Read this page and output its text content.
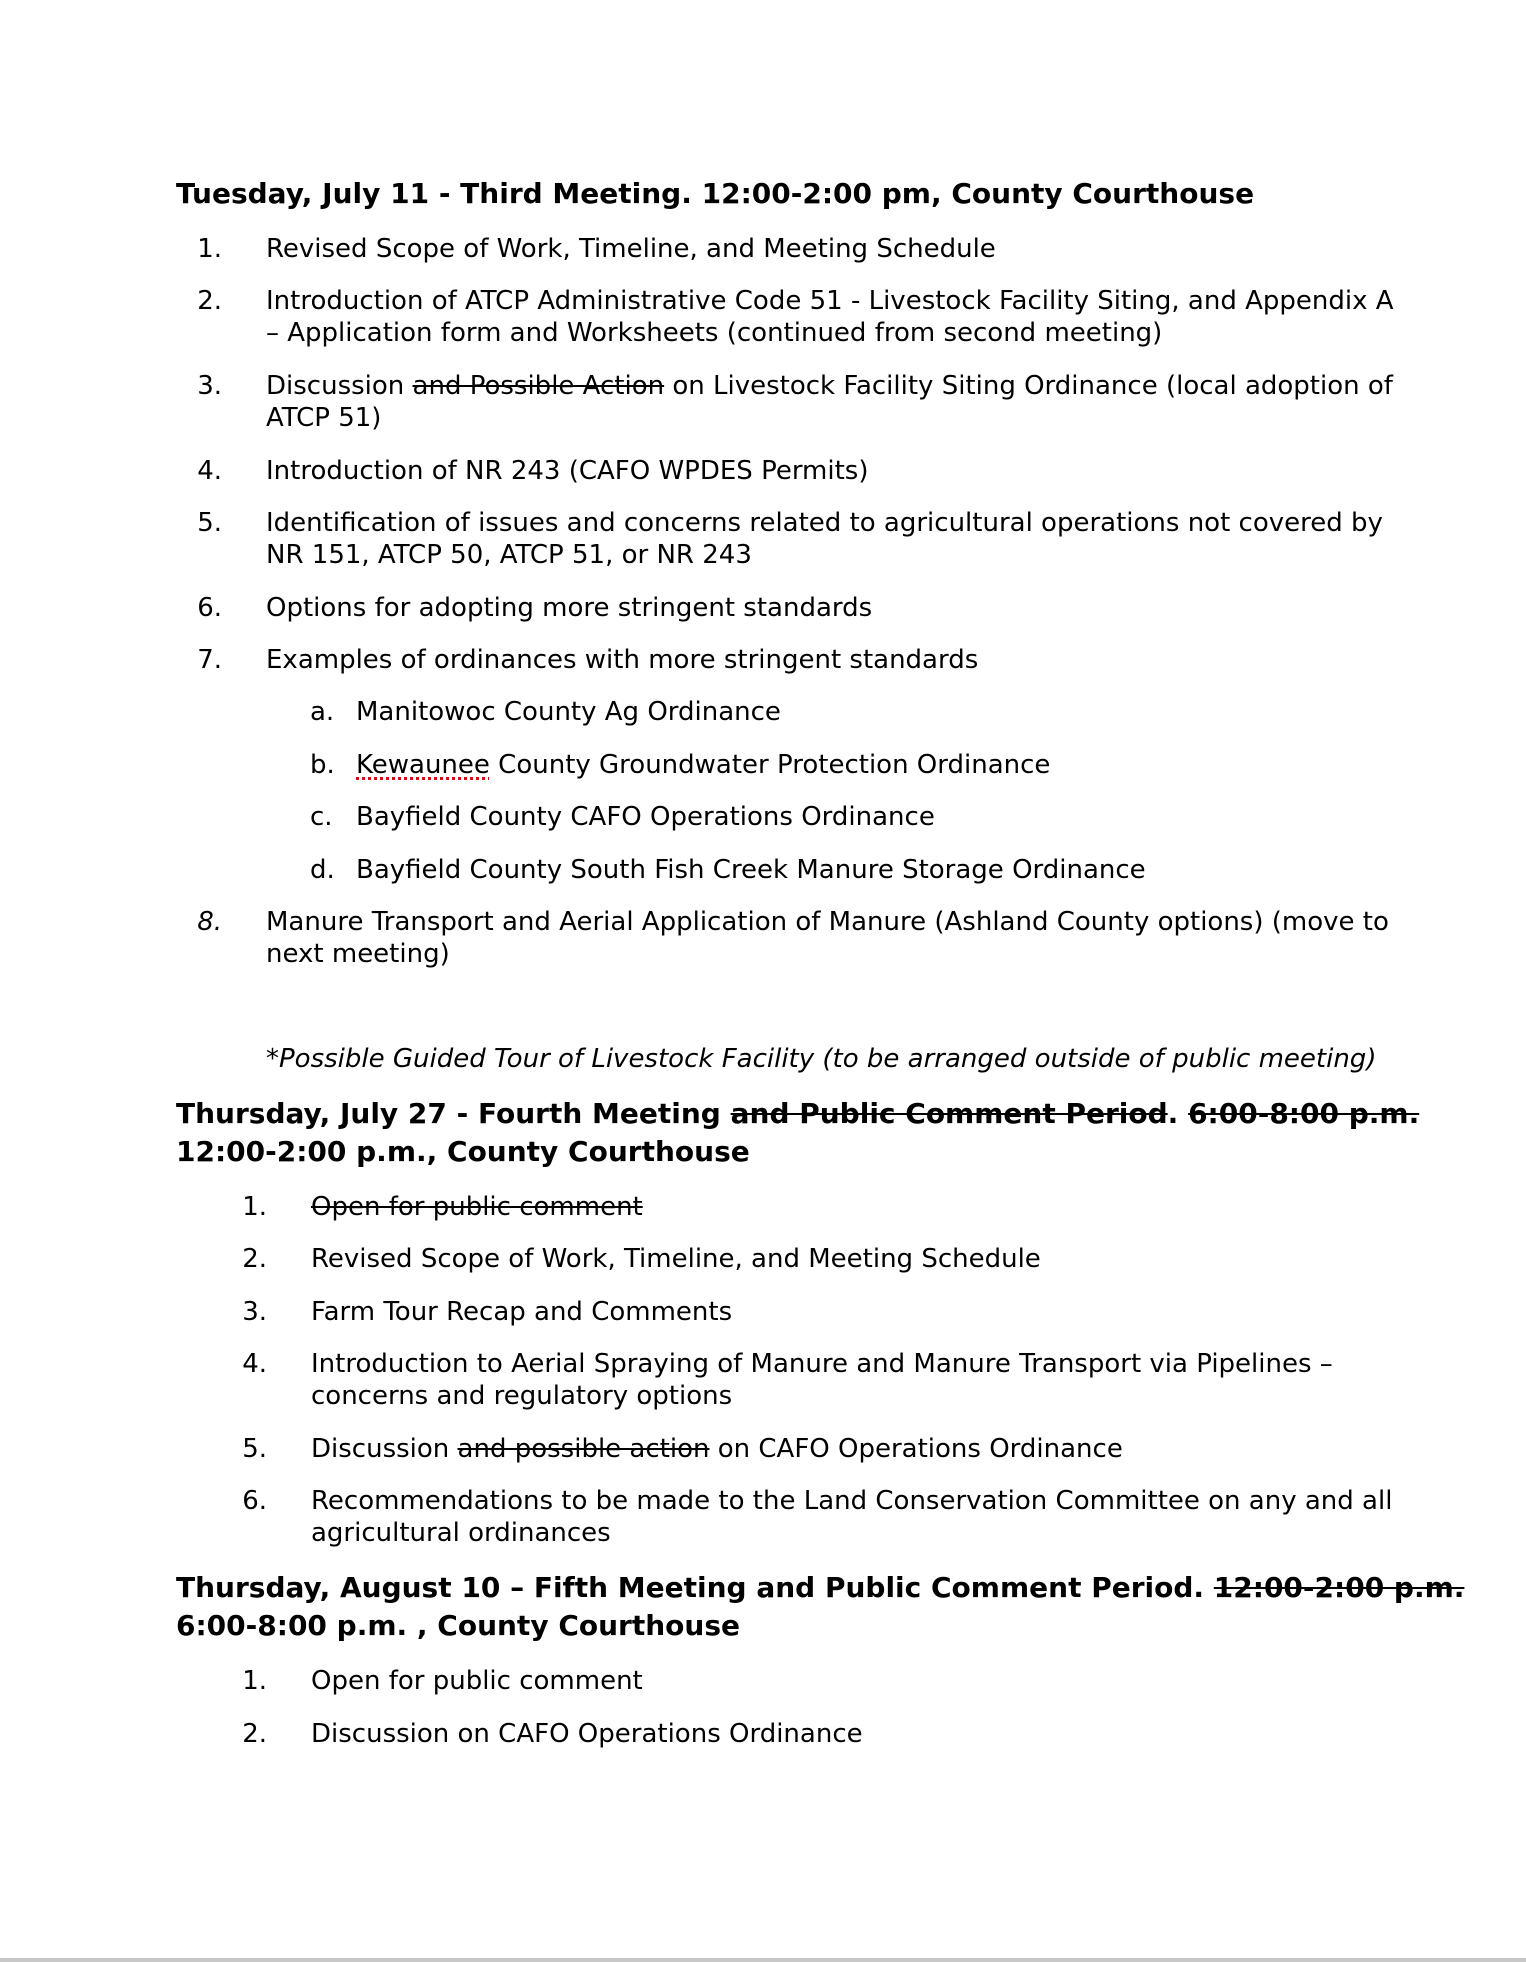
Tuesday, July 11 - Third Meeting. 12:00-2:00 pm, County Courthouse
1. Revised Scope of Work, Timeline, and Meeting Schedule
2. Introduction of ATCP Administrative Code 51 - Livestock Facility Siting, and Appendix A
– Application form and Worksheets (continued from second meeting)
3. Discussion and Possible Action on Livestock Facility Siting Ordinance (local adoption of
ATCP 51)
4. Introduction of NR 243 (CAFO WPDES Permits)
5. Identification of issues and concerns related to agricultural operations not covered by
NR 151, ATCP 50, ATCP 51, or NR 243
6. Options for adopting more stringent standards
7. Examples of ordinances with more stringent standards
a. Manitowoc County Ag Ordinance
b. Kewaunee County Groundwater Protection Ordinance
c. Bayfield County CAFO Operations Ordinance
d. Bayfield County South Fish Creek Manure Storage Ordinance
8. Manure Transport and Aerial Application of Manure (Ashland County options) (move to
next meeting)
*Possible Guided Tour of Livestock Facility (to be arranged outside of public meeting)
Thursday, July 27 - Fourth Meeting and Public Comment Period. 6:00-8:00 p.m.
12:00-2:00 p.m., County Courthouse
1. Open for public comment
2. Revised Scope of Work, Timeline, and Meeting Schedule
3. Farm Tour Recap and Comments
4. Introduction to Aerial Spraying of Manure and Manure Transport via Pipelines –
concerns and regulatory options
5. Discussion and possible action on CAFO Operations Ordinance
6. Recommendations to be made to the Land Conservation Committee on any and all
agricultural ordinances
Thursday, August 10 – Fifth Meeting and Public Comment Period. 12:00-2:00 p.m.
6:00-8:00 p.m. , County Courthouse
1. Open for public comment
2. Discussion on CAFO Operations Ordinance
